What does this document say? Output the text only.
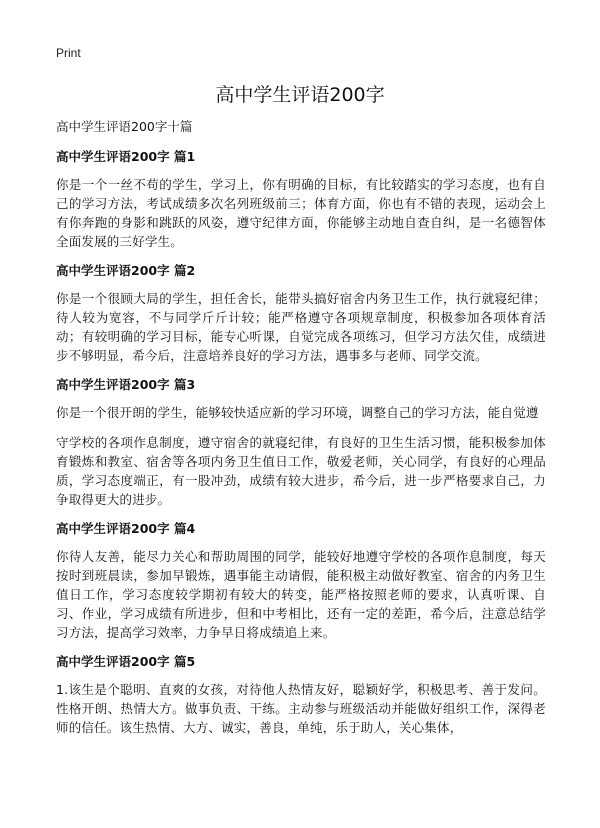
Print
高中学生评语200字
高中学生评语200字十篇
高中学生评语200字 篇1
你是一个一丝不苟的学生，学习上，你有明确的目标，有比较踏实的学习态度，也有自己的学习方法，考试成绩多次名列班级前三；体育方面，你也有不错的表现，运动会上有你奔跑的身影和跳跃的风姿，遵守纪律方面，你能够主动地自查自纠，是一名德智体全面发展的三好学生。
高中学生评语200字 篇2
你是一个很顾大局的学生，担任舍长，能带头搞好宿舍内务卫生工作，执行就寝纪律；待人较为宽容，不与同学斤斤计较；能严格遵守各项规章制度，积极参加各项体育活动；有较明确的学习目标，能专心听课，自觉完成各项练习，但学习方法欠佳，成绩进步不够明显，希今后，注意培养良好的学习方法，遇事多与老师、同学交流。
高中学生评语200字 篇3
你是一个很开朗的学生，能够较快适应新的学习环境，调整自己的学习方法，能自觉遵
守学校的各项作息制度，遵守宿舍的就寝纪律，有良好的卫生生活习惯，能积极参加体育锻炼和教室、宿舍等各项内务卫生值日工作，敬爱老师，关心同学，有良好的心理品质，学习态度端正，有一股冲劲，成绩有较大进步，希今后，进一步严格要求自己，力争取得更大的进步。
高中学生评语200字 篇4
你待人友善，能尽力关心和帮助周围的同学，能较好地遵守学校的各项作息制度，每天按时到班晨读，参加早锻炼，遇事能主动请假，能积极主动做好教室、宿舍的内务卫生值日工作，学习态度较学期初有较大的转变，能严格按照老师的要求，认真听课、自习、作业，学习成绩有所进步，但和中考相比，还有一定的差距，希今后，注意总结学习方法，提高学习效率，力争早日将成绩追上来。
高中学生评语200字 篇5
1.该生是个聪明、直爽的女孩，对待他人热情友好，聪颖好学，积极思考、善于发问。性格开朗、热情大方。做事负责、干练。主动参与班级活动并能做好组织工作，深得老师的信任。该生热情、大方、诚实，善良，单纯，乐于助人，关心集体，
